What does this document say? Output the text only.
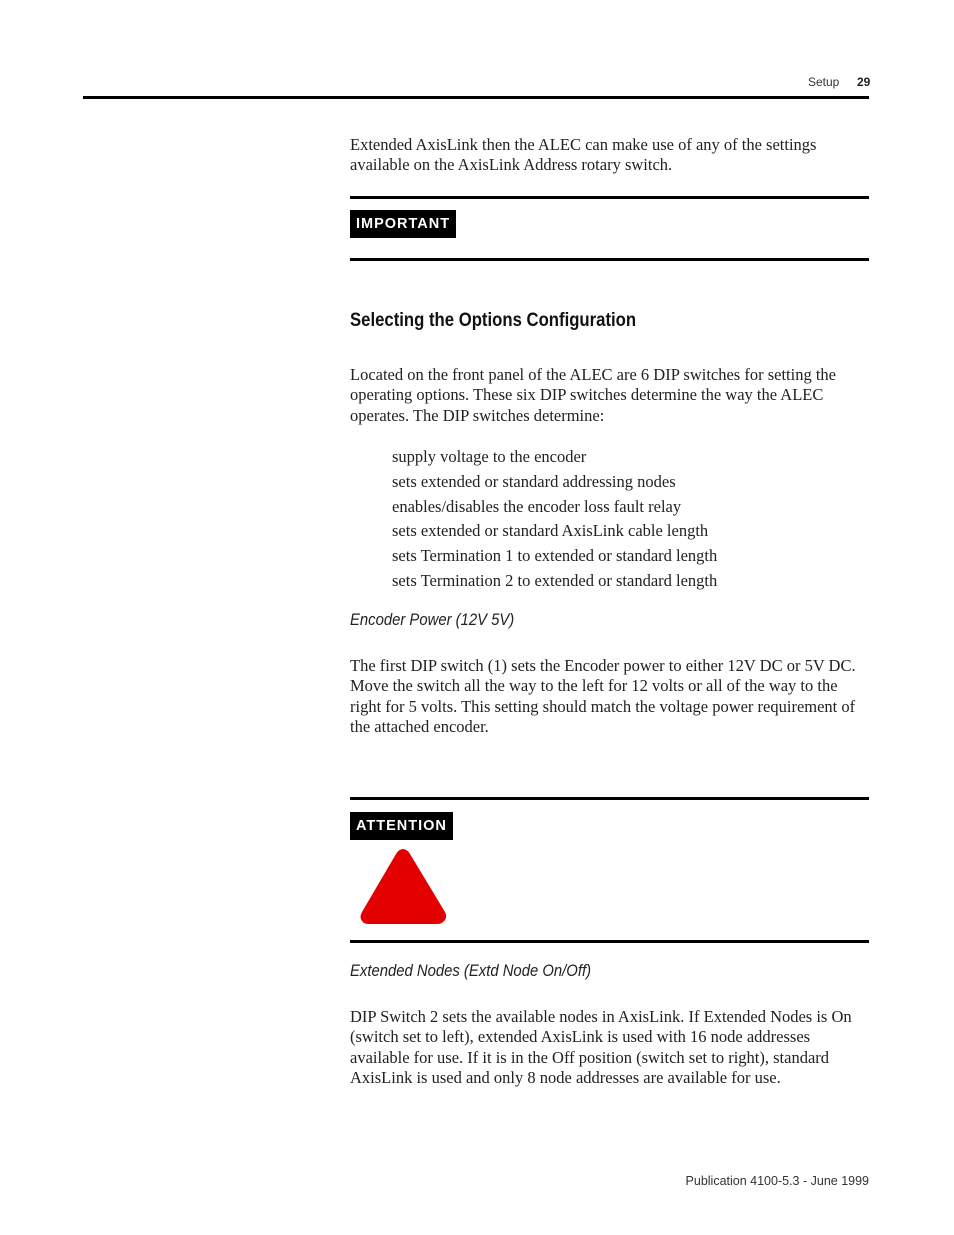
Setup 29
Extended AxisLink then the ALEC can make use of any of the settings available on the AxisLink Address rotary switch.
IMPORTANT
Selecting the Options Configuration
Located on the front panel of the ALEC are 6 DIP switches for setting the operating options. These six DIP switches determine the way the ALEC operates. The DIP switches determine:
supply voltage to the encoder
sets extended or standard addressing nodes
enables/disables the encoder loss fault relay
sets extended or standard AxisLink cable length
sets Termination 1 to extended or standard length
sets Termination 2 to extended or standard length
Encoder Power (12V 5V)
The first DIP switch (1) sets the Encoder power to either 12V DC or 5V DC. Move the switch all the way to the left for 12 volts or all of the way to the right for 5 volts. This setting should match the voltage power requirement of the attached encoder.
ATTENTION
Extended Nodes (Extd Node On/Off)
DIP Switch 2 sets the available nodes in AxisLink. If Extended Nodes is On (switch set to left), extended AxisLink is used with 16 node addresses available for use. If it is in the Off position (switch set to right), standard AxisLink is used and only 8 node addresses are available for use.
Publication 4100-5.3 - June 1999
